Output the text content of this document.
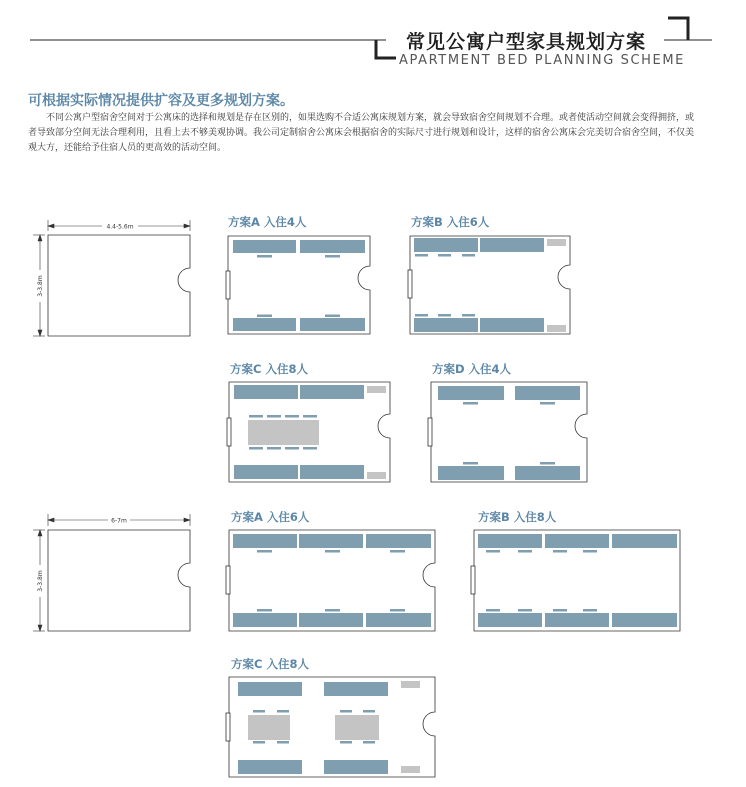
常见公寓户型家具规划方案
APARTMENT BED PLANNING SCHEME
可根据实际情况提供扩容及更多规划方案。

不同公寓户型宿舍空间对于公寓床的选择和规划是存在区别的，如果选购不合适公寓床规划方案，就会导致宿舍空间规划不合理。或者使活动空间就会变得拥挤，或者导致部分空间无法合理利用，且看上去不够美观协调。我公司定制宿舍公寓床会根据宿舍的实际尺寸进行规划和设计，这样的宿舍公寓床会完美切合宿舍空间，不仅美观大方，还能给予住宿人员的更高效的活动空间。

4.4-5.6m
3-3.8m
方案A 入住4人	方案B 入住6人
方案C 入住8人	方案D 入住4人
6-7m
3-3.8m
方案A 入住6人	方案B 入住8人
方案C 入住8人
